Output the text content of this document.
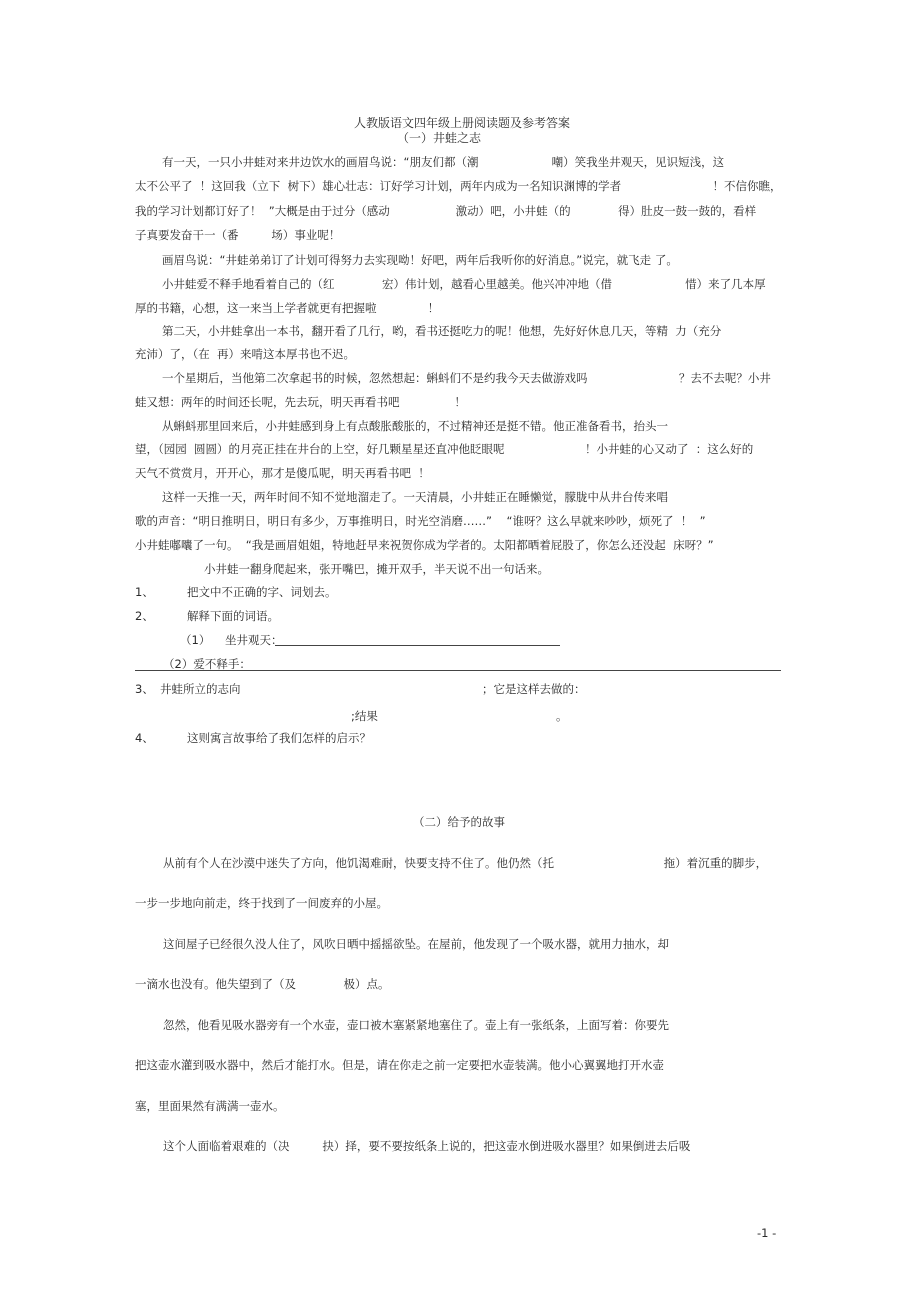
人教版语文四年级上册阅读题及参考答案
（一）井蛙之志
有一天，一只小井蛙对来井边饮水的画眉鸟说：“朋友们都（潮                    嘲）笑我坐井观天，见识短浅，这
太不公平了  ！这回我（立下  树下）雄心壮志：订好学习计划，两年内成为一名知识渊博的学者                         ！不信你瞧，
我的学习计划都订好了！  ”大概是由于过分（感动                  激动）吧，小井蛙（的             得）肚皮一鼓一鼓的，看样
子真要发奋干一（番         场）事业呢！
画眉鸟说：“井蛙弟弟订了计划可得努力去实现呦！好吧，两年后我听你的好消息。”说完，就飞走 了。
小井蛙爱不释手地看着自己的（红             宏）伟计划，越看心里越美。他兴冲冲地（借                    惜）来了几本厚
厚的书籍，心想，这一来当上学者就更有把握啦              ！
第二天，小井蛙拿出一本书，翻开看了几行，哟，看书还挺吃力的呢！他想，先好好休息几天，等精  力（充分
充沛）了，（在  再）来啃这本厚书也不迟。
一个星期后，当他第二次拿起书的时候，忽然想起：蝌蚪们不是约我今天去做游戏吗                         ？去不去呢？小井
蛙又想：两年的时间还长呢，先去玩，明天再看书吧               ！
从蝌蚪那里回来后，小井蛙感到身上有点酸胀酸胀的，不过精神还是挺不错。他正准备看书，抬头一
望，（园园  圆圆）的月亮正挂在井台的上空，好几颗星星还直冲他眨眼呢                      ！小井蛙的心又动了  ：这么好的
天气不赏赏月，开开心，那才是傻瓜呢，明天再看书吧  ！
这样一天推一天，两年时间不知不觉地溜走了。一天清晨，小井蛙正在睡懒觉，朦胧中从井台传来唱
歌的声音：“明日推明日，明日有多少，万事推明日，时光空消磨……”    “谁呀？这么早就来吵吵，烦死了  ！  ”
小井蛙嘟囔了一句。  “我是画眉姐姐，特地赶早来祝贺你成为学者的。太阳都晒着屁股了，你怎么还没起  床呀？”
小井蛙一翻身爬起来，张开嘴巴，摊开双手，半天说不出一句话来。
1、	把文中不正确的字、词划去。
2、	解释下面的词语。
（1）    坐井观天：
（2）爱不释手：
3、 井蛙所立的志向	；它是这样去做的：
;结果	。
4、	这则寓言故事给了我们怎样的启示？
（二）给予的故事
从前有个人在沙漠中迷失了方向，他饥渴难耐，快要支持不住了。他仍然（托                              拖）着沉重的脚步，
一步一步地向前走，终于找到了一间废弃的小屋。
这间屋子已经很久没人住了，风吹日晒中摇摇欲坠。在屋前，他发现了一个吸水器，就用力抽水，却
一滴水也没有。他失望到了（及             极）点。
忽然，他看见吸水器旁有一个水壶，壶口被木塞紧紧地塞住了。壶上有一张纸条，上面写着：你要先
把这壶水灌到吸水器中，然后才能打水。但是，请在你走之前一定要把水壶装满。他小心翼翼地打开水壶
塞，里面果然有满满一壶水。
这个人面临着艰难的（决         抉）择，要不要按纸条上说的，把这壶水倒进吸水器里？如果倒进去后吸
-1 -
